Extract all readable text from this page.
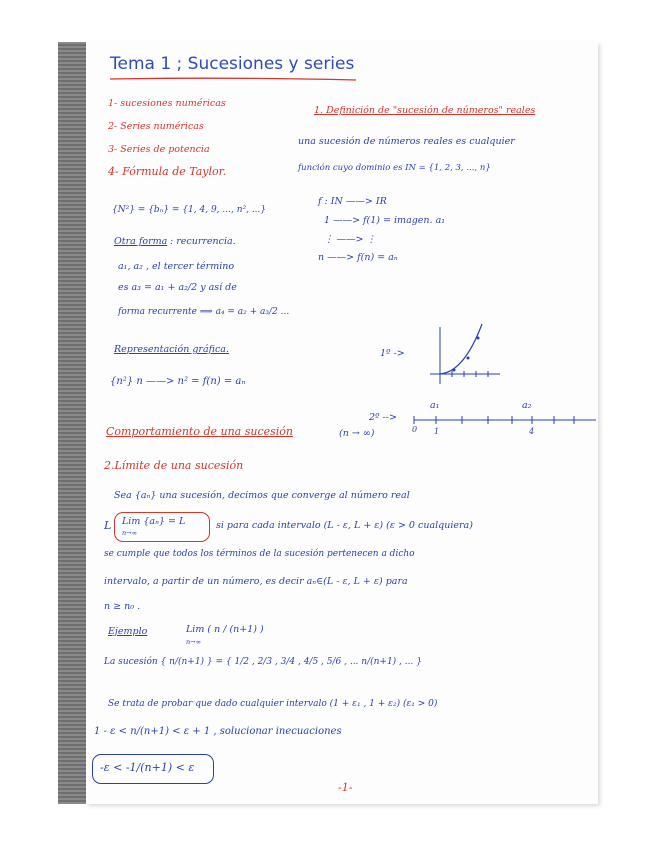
Tema 1 ; Sucesiones y series
1- sucesiones numéricas
2- Series numéricas
3- Series de potencia
4- Fórmula de Taylor.
1. Definición de "sucesión de números" reales
una sucesión de números reales es cualquier
función cuyo dominio es IN = {1, 2, 3, ..., n}
f : IN ——> IR
1 ——> f(1) = imagen. a₁
⋮ ——> ⋮
n ——> f(n) = aₙ
{N²} = {bₙ} = {1, 4, 9, ..., n², ...}
Otra forma : recurrencia.
a₁, a₂ , el tercer término
es a₃ = a₁ + a₂/2 y así de
forma recurrente ⟹ a₄ = a₂ + a₃/2 ...
Representación gráfica.
{n²} n ——> n² = f(n) = aₙ
1º ->
2º -->
a₁	a₂
0 1	4
Comportamiento de una sucesión	(n → ∞)
2.Límite de una sucesión
Sea {aₙ} una sucesión, decimos que converge al número real
L Lim {aₙ} = L
n→∞
si para cada intervalo (L - ε, L + ε) (ε > 0 cualquiera)
se cumple que todos los términos de la sucesión pertenecen a dicho
intervalo, a partir de un número, es decir aₙ∈(L - ε, L + ε) para
n ≥ n₀ .
Ejemplo	Lim ( n / (n+1) )
n→∞
La sucesión { n/(n+1) } = { 1/2 , 2/3 , 3/4 , 4/5 , 5/6 , ... n/(n+1) , ... }
Se trata de probar que dado cualquier intervalo (1 + ε₁ , 1 + ε₂) (ε₁ > 0)
1 - ε < n/(n+1) < ε + 1 , solucionar inecuaciones
-ε < -1/(n+1) < ε
-1-
